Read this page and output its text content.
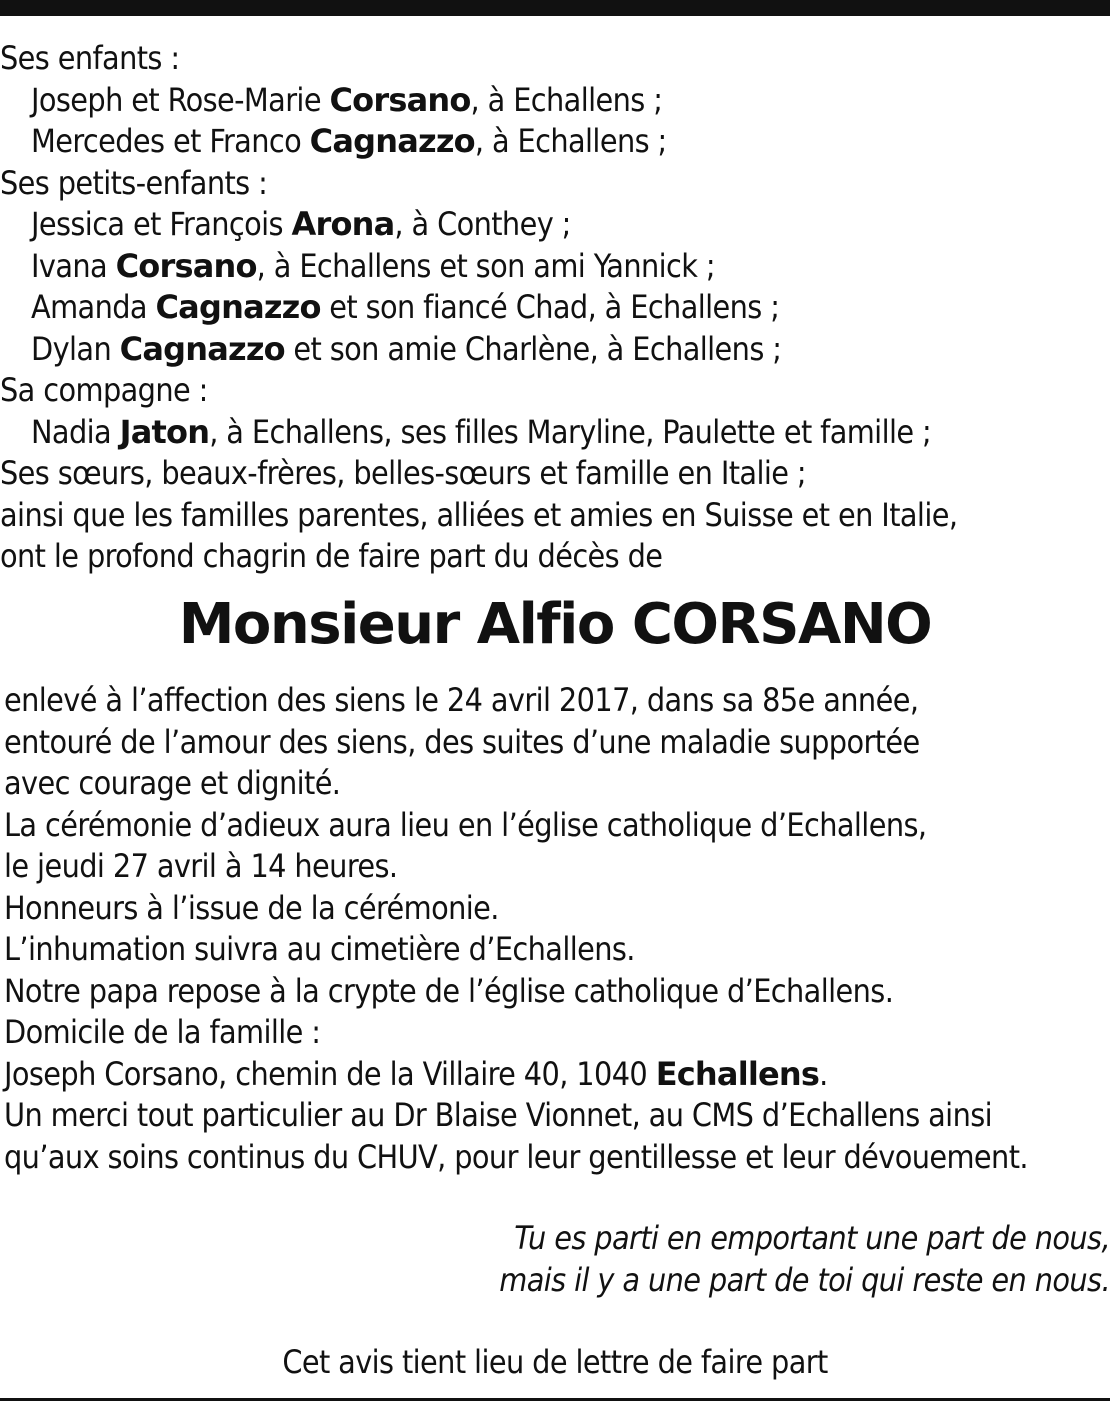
Ses enfants :
Joseph et Rose-Marie Corsano, à Echallens ;
Mercedes et Franco Cagnazzo, à Echallens ;
Ses petits-enfants :
Jessica et François Arona, à Conthey ;
Ivana Corsano, à Echallens et son ami Yannick ;
Amanda Cagnazzo et son fiancé Chad, à Echallens ;
Dylan Cagnazzo et son amie Charlène, à Echallens ;
Sa compagne :
Nadia Jaton, à Echallens, ses filles Maryline, Paulette et famille ;
Ses sœurs, beaux-frères, belles-sœurs et famille en Italie ;
ainsi que les familles parentes, alliées et amies en Suisse et en Italie,
ont le profond chagrin de faire part du décès de
Monsieur Alfio CORSANO
enlevé à l’affection des siens le 24 avril 2017, dans sa 85e année,
entouré de l’amour des siens, des suites d’une maladie supportée
avec courage et dignité.
La cérémonie d’adieux aura lieu en l’église catholique d’Echallens,
le jeudi 27 avril à 14 heures.
Honneurs à l’issue de la cérémonie.
L’inhumation suivra au cimetière d’Echallens.
Notre papa repose à la crypte de l’église catholique d’Echallens.
Domicile de la famille :
Joseph Corsano, chemin de la Villaire 40, 1040 Echallens.
Un merci tout particulier au Dr Blaise Vionnet, au CMS d’Echallens ainsi
qu’aux soins continus du CHUV, pour leur gentillesse et leur dévouement.
Tu es parti en emportant une part de nous,
mais il y a une part de toi qui reste en nous.
Cet avis tient lieu de lettre de faire part
